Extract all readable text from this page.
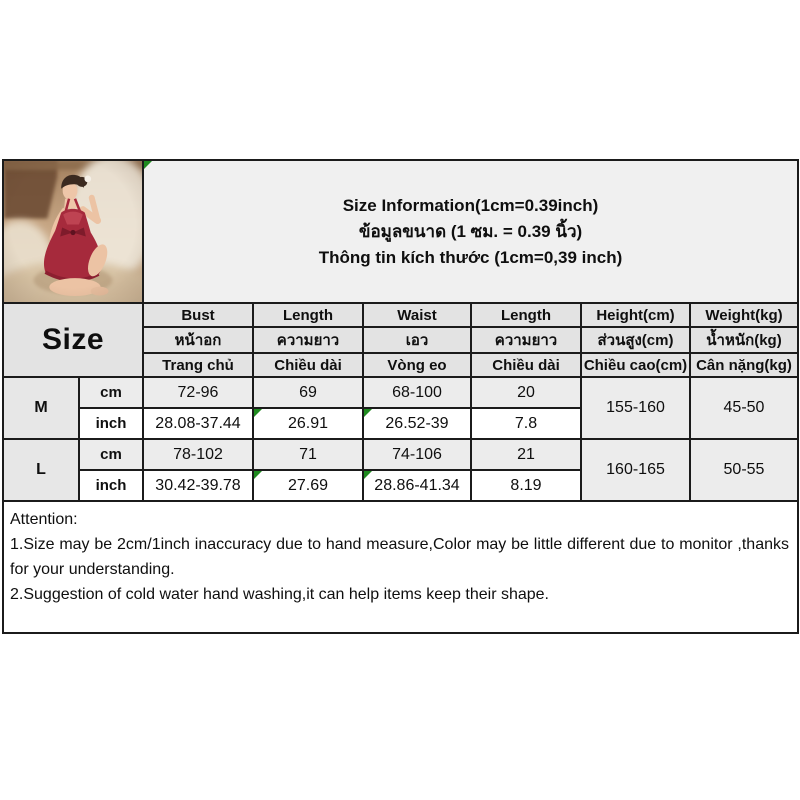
Size Information(1cm=0.39inch)
ข้อมูลขนาด (1 ซม. = 0.39 นิ้ว)
Thông tin kích thước (1cm=0,39 inch)					

Size		Bust	Length	Waist	Length	Height(cm)	Weight(kg)
		หน้าอก	ความยาว	เอว	ความยาว	ส่วนสูง(cm)	น้ำหนัก(kg)
		Trang chủ	Chiều dài	Vòng eo	Chiều dài	Chiều cao(cm)	Cân nặng(kg)
M	cm	72-96	69	68-100	20	155-160	45-50
	inch	28.08-37.44	26.91	26.52-39	7.8		
L	cm	78-102	71	74-106	21	160-165	50-55
	inch	30.42-39.78	27.69	28.86-41.34	8.19		

Attention:
1.Size may be 2cm/1inch inaccuracy due to hand measure,Color may be little different due to monitor ,thanks for your understanding.
2.Suggestion of cold water hand washing,it can help items keep their shape.							
